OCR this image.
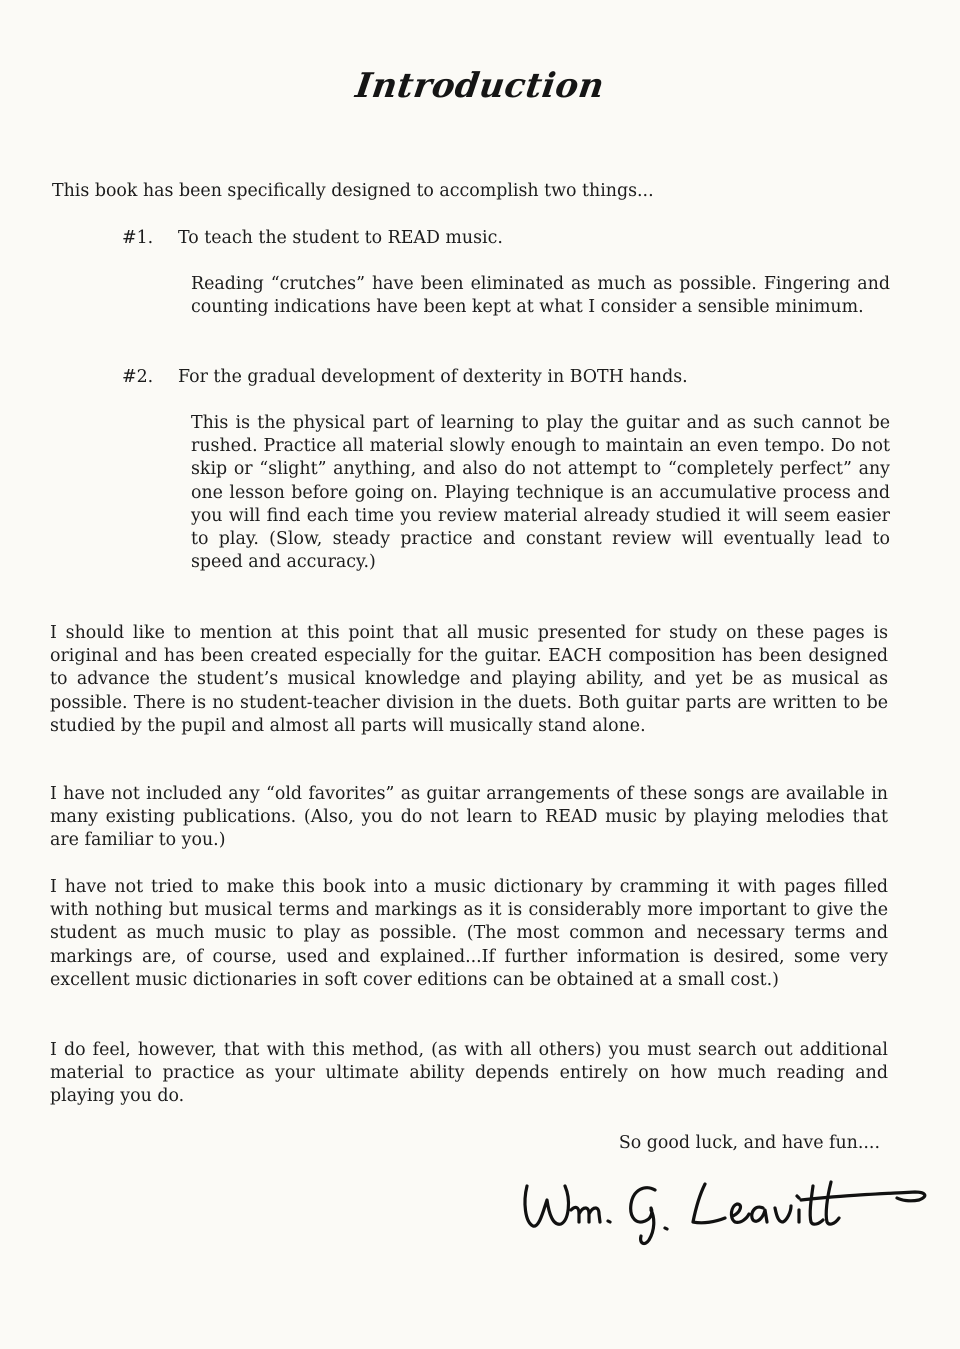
Introduction

This book has been specifically designed to accomplish two things...

#1. To teach the student to READ music.

Reading “crutches” have been eliminated as much as possible. Fingering and counting indications have been kept at what I consider a sensible minimum.

#2. For the gradual development of dexterity in BOTH hands.

This is the physical part of learning to play the guitar and as such cannot be rushed. Practice all material slowly enough to maintain an even tempo. Do not skip or “slight” anything, and also do not attempt to “completely perfect” any one lesson before going on. Playing technique is an accumulative process and you will find each time you review material already studied it will seem easier to play. (Slow, steady practice and constant review will eventually lead to speed and accuracy.)

I should like to mention at this point that all music presented for study on these pages is original and has been created especially for the guitar. EACH composition has been designed to advance the student’s musical knowledge and playing ability, and yet be as musical as possible. There is no student-teacher division in the duets. Both guitar parts are written to be studied by the pupil and almost all parts will musically stand alone.

I have not included any “old favorites” as guitar arrangements of these songs are available in many existing publications. (Also, you do not learn to READ music by playing melodies that are familiar to you.)

I have not tried to make this book into a music dictionary by cramming it with pages filled with nothing but musical terms and markings as it is considerably more important to give the student as much music to play as possible. (The most common and necessary terms and markings are, of course, used and explained...If further information is desired, some very excellent music dictionaries in soft cover editions can be obtained at a small cost.)

I do feel, however, that with this method, (as with all others) you must search out additional material to practice as your ultimate ability depends entirely on how much reading and playing you do.

So good luck, and have fun....
